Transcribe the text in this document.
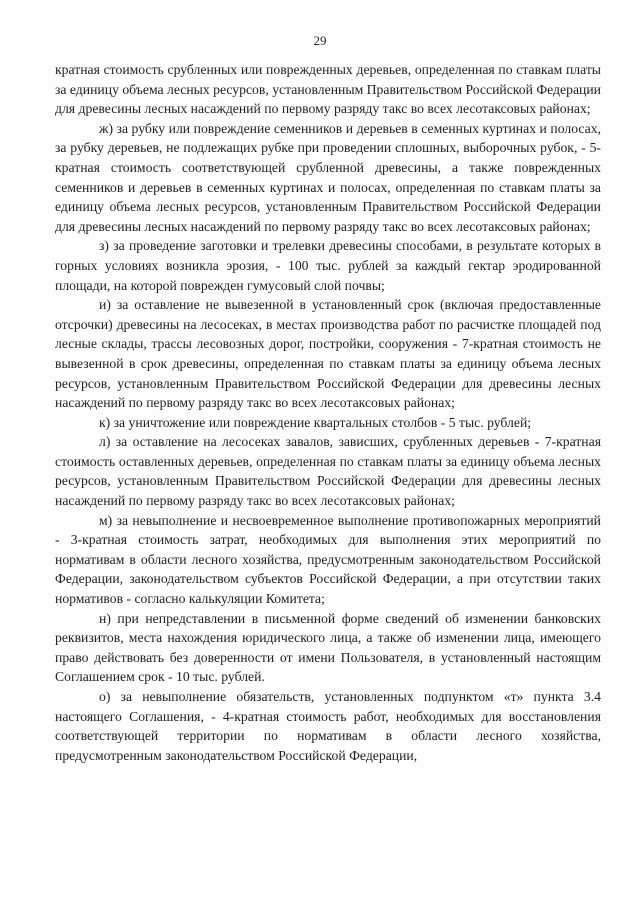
29

кратная стоимость срубленных или поврежденных деревьев, определенная по ставкам платы за единицу объема лесных ресурсов, установленным Правительством Российской Федерации для древесины лесных насаждений по первому разряду такс во всех лесотаксовых районах;

ж) за рубку или повреждение семенников и деревьев в семенных куртинах и полосах, за рубку деревьев, не подлежащих рубке при проведении сплошных, выборочных рубок, - 5-кратная стоимость соответствующей срубленной древесины, а также поврежденных семенников и деревьев в семенных куртинах и полосах, определенная по ставкам платы за единицу объема лесных ресурсов, установленным Правительством Российской Федерации для древесины лесных насаждений по первому разряду такс во всех лесотаксовых районах;

з) за проведение заготовки и трелевки древесины способами, в результате которых в горных условиях возникла эрозия, - 100 тыс. рублей за каждый гектар эродированной площади, на которой поврежден гумусовый слой почвы;

и) за оставление не вывезенной в установленный срок (включая предоставленные отсрочки) древесины на лесосеках, в местах производства работ по расчистке площадей под лесные склады, трассы лесовозных дорог, постройки, сооружения - 7-кратная стоимость не вывезенной в срок древесины, определенная по ставкам платы за единицу объема лесных ресурсов, установленным Правительством Российской Федерации для древесины лесных насаждений по первому разряду такс во всех лесотаксовых районах;

к) за уничтожение или повреждение квартальных столбов - 5 тыс. рублей;

л) за оставление на лесосеках завалов, зависших, срубленных деревьев - 7-кратная стоимость оставленных деревьев, определенная по ставкам платы за единицу объема лесных ресурсов, установленным Правительством Российской Федерации для древесины лесных насаждений по первому разряду такс во всех лесотаксовых районах;

м) за невыполнение и несвоевременное выполнение противопожарных мероприятий - 3-кратная стоимость затрат, необходимых для выполнения этих мероприятий по нормативам в области лесного хозяйства, предусмотренным законодательством Российской Федерации, законодательством субъектов Российской Федерации, а при отсутствии таких нормативов - согласно калькуляции Комитета;

н) при непредставлении в письменной форме сведений об изменении банковских реквизитов, места нахождения юридического лица, а также об изменении лица, имеющего право действовать без доверенности от имени Пользователя, в установленный настоящим Соглашением срок - 10 тыс. рублей.

о) за невыполнение обязательств, установленных подпунктом «т» пункта 3.4 настоящего Соглашения, - 4-кратная стоимость работ, необходимых для восстановления соответствующей территории по нормативам в области лесного хозяйства, предусмотренным законодательством Российской Федерации,
